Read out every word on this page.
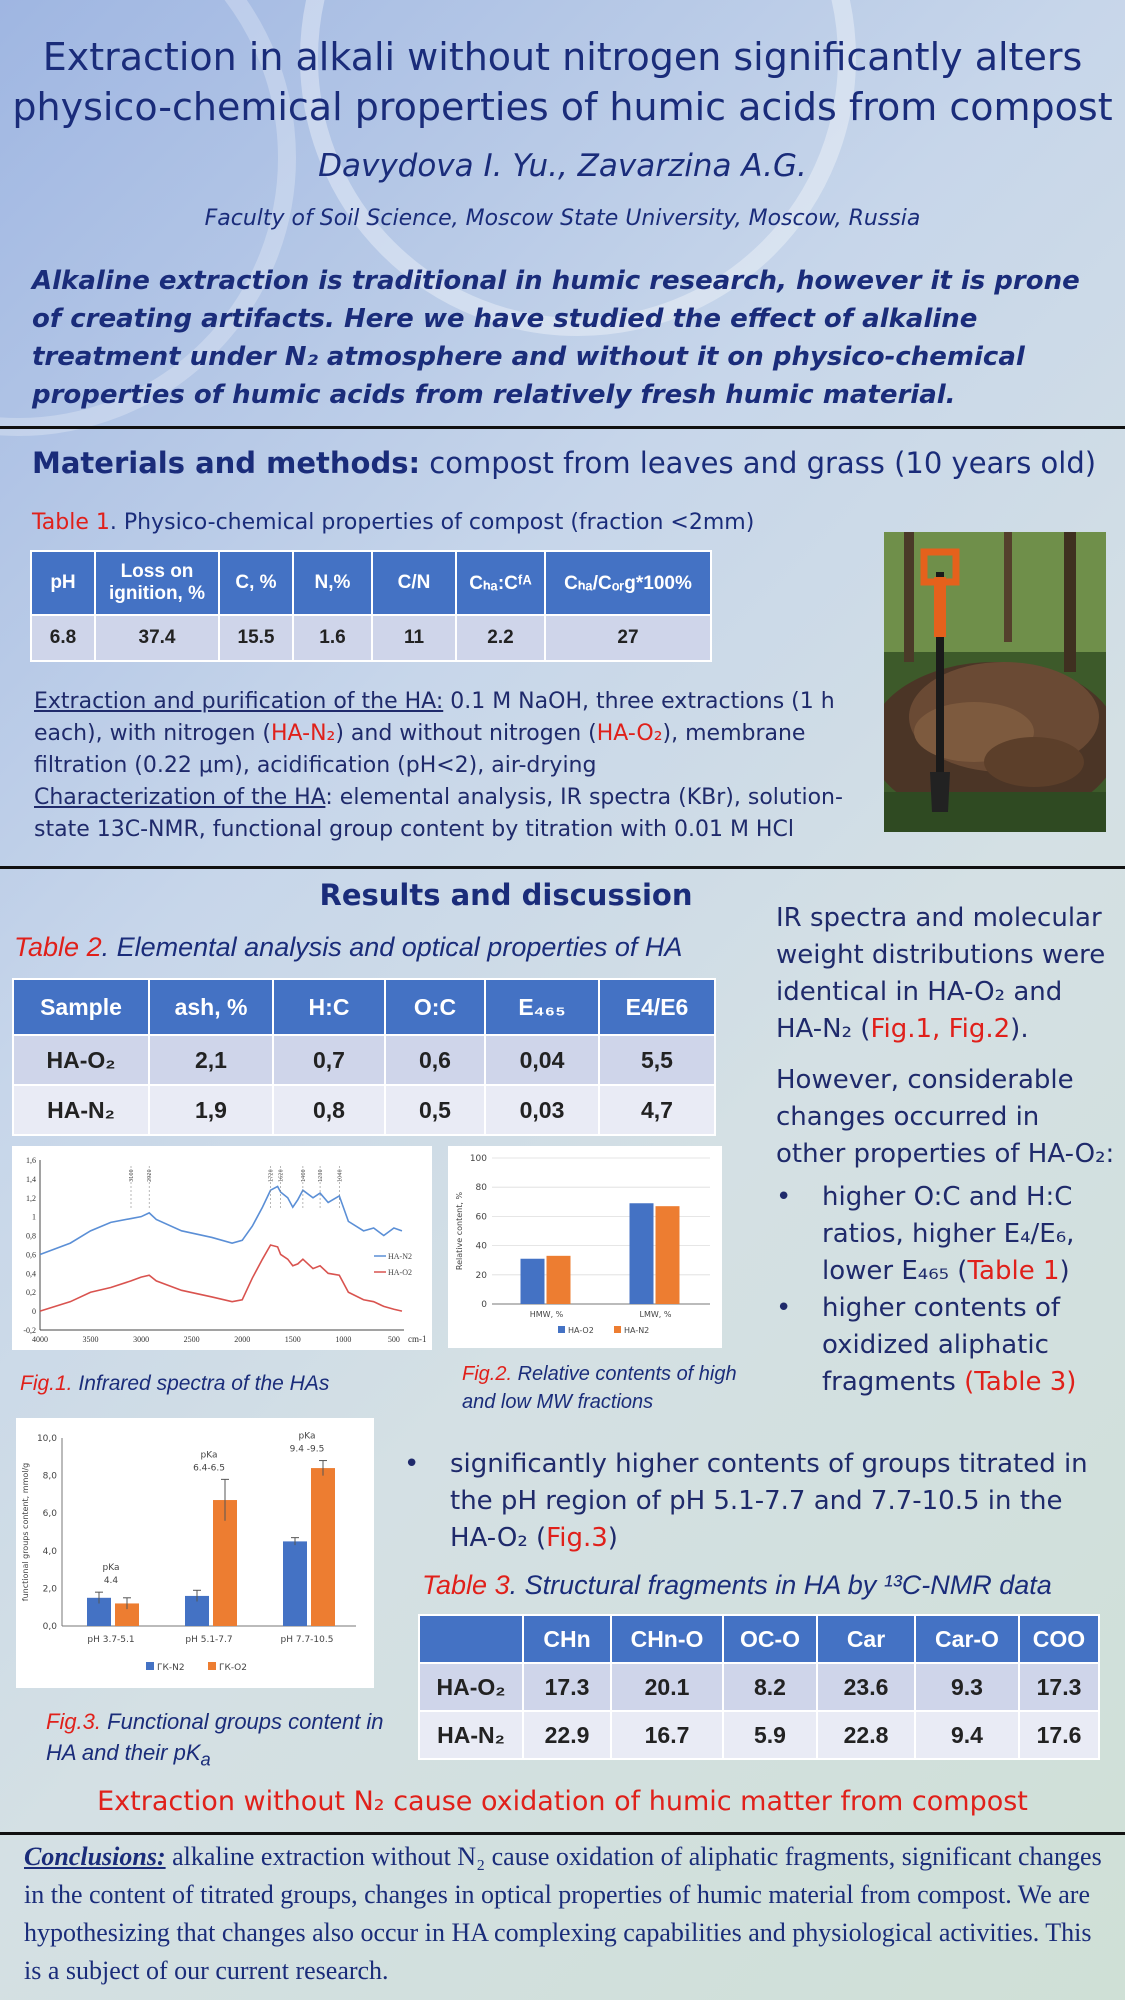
Extraction in alkali without nitrogen significantly alters
physico-chemical properties of humic acids from compost
Davydova I. Yu., Zavarzina A.G.
Faculty of Soil Science, Moscow State University, Moscow, Russia
Alkaline extraction is traditional in humic research, however it is prone of creating artifacts. Here we have studied the effect of alkaline treatment under N₂ atmosphere and without it on physico-chemical properties of humic acids from relatively fresh humic material.
Materials and methods: compost from leaves and grass (10 years old)
Table 1. Physico-chemical properties of compost (fraction <2mm)
pH	Loss on ignition, %	C, %	N,%	C/N	Cₕₐ:Cᶠᴬ	Cₕₐ/Cₒᵣg*100%
6.8	37.4	15.5	1.6	11	2.2	27
Extraction and purification of the HA: 0.1 M NaOH, three extractions (1 h each), with nitrogen (HA-N₂) and without nitrogen (HA-O₂), membrane filtration (0.22 μm), acidification (pH<2), air-drying
Characterization of the HA: elemental analysis, IR spectra (KBr), solution-state 13C-NMR, functional group content by titration with 0.01 M HCl
Results and discussion
Table 2. Elemental analysis and optical properties of HA
Sample	ash, %	H:C	O:C	E₄₆₅	E4/E6
HA-O₂	2,1	0,7	0,6	0,04	5,5
HA-N₂	1,9	0,8	0,5	0,03	4,7
-0,2
0
0,2
0,4
0,6
0,8
1
1,2
1,4
1,6
4000	3500	3000	2500	2000	1500	1000	500 cm-1
HA-N2
HA-O2
3100 2920	1720 1620	1400 1230	1040
Fig.1. Infrared spectra of the HAs
0
20
40
60
80
100
Relative content, %
HMW, %	LMW, %
HA-O2	HA-N2
Fig.2. Relative contents of high and low MW fractions
0,0
2,0
4,0
6,0
8,0
10,0
functional groups content, mmol/g
pH 3.7-5.1
pKa
4.4
pH 5.1-7.7
pKa
6.4-6.5
pH 7.7-10.5
pKa
9.4 -9.5
ГК-N2	ГК-O2
Fig.3. Functional groups content in HA and their $pK_a$
IR spectra and molecular weight distributions were identical in HA-O₂ and HA-N₂ (Fig.1, Fig.2).
However, considerable changes occurred in other properties of HA-O₂:
•	higher O:C and H:C ratios, higher E₄/E₆, lower E₄₆₅ (Table 1)
•	higher contents of oxidized aliphatic fragments (Table 3)
•	significantly higher contents of groups titrated in the pH region of pH 5.1-7.7 and 7.7-10.5 in the HA-O₂ (Fig.3)
Table 3. Structural fragments in HA by ¹³C-NMR data
	CHn	CHn-O	OC-O	Car	Car-O	COO
HA-O₂	17.3	20.1	8.2	23.6	9.3	17.3
HA-N₂	22.9	16.7	5.9	22.8	9.4	17.6
Extraction without N₂ cause oxidation of humic matter from compost
Conclusions: alkaline extraction without N₂ cause oxidation of aliphatic fragments, significant changes in the content of titrated groups, changes in optical properties of humic material from compost. We are hypothesizing that changes also occur in HA complexing capabilities and physiological activities. This is a subject of our current research.
